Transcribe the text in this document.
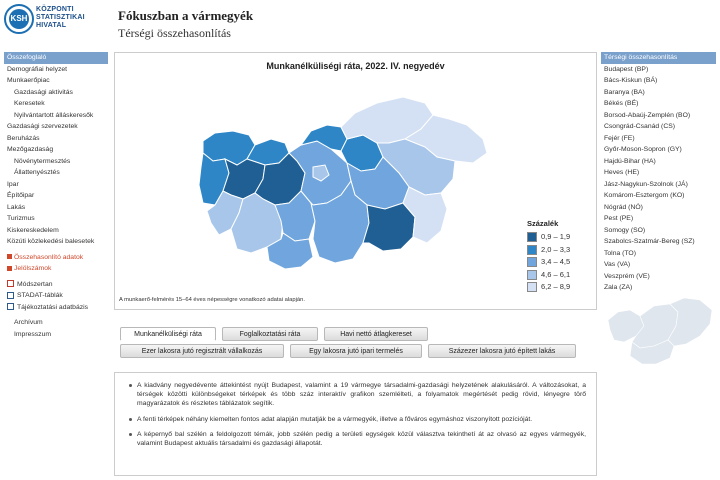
KSH
KÖZPONTI
STATISZTIKAI
HIVATAL
Fókuszban a vármegyék
Térségi összehasonlítás
Összefoglaló
Demográfiai helyzet
Munkaerőpiac
Gazdasági aktivitás
Keresetek
Nyilvántartott álláskeresők
Gazdasági szervezetek
Beruházás
Mezőgazdaság
Növénytermesztés
Állattenyésztés
Ipar
Építőipar
Lakás
Turizmus
Kiskereskedelem
Közúti közlekedési balesetek
Összehasonlító adatok
Jelölszámok
Módszertan
STADAT-táblák
Tájékoztatási adatbázis
Archívum
Impresszum
Munkanélküliségi ráta, 2022. IV. negyedév
Százalék
0,9 – 1,9
2,0 – 3,3
3,4 – 4,5
4,6 – 6,1
6,2 – 8,9
A munkaerő-felmérés 15–64 éves népességre vonatkozó adatai alapján.
Munkanélküliségi ráta	Foglalkoztatási ráta	Havi nettó átlagkereset
Ezer lakosra jutó regisztrált vállalkozás	Egy lakosra jutó ipari termelés	Százezer lakosra jutó épített lakás
A kiadvány negyedévente áttekintést nyújt Budapest, valamint a 19 vármegye társadalmi-gazdasági helyzetének alakulásáról. A változásokat, a térségek közötti különbségeket térképek és több száz interaktív grafikon szemlélteti, a folyamatok megértését pedig rövid, lényegre törő magyarázatok és részletes táblázatok segítik.
A fenti térképek néhány kiemelten fontos adat alapján mutatják be a vármegyék, illetve a főváros egymáshoz viszonyított pozícióját.
A képernyő bal szélén a feldolgozott témák, jobb szélén pedig a területi egységek közül választva tekinthetí át az olvasó az egyes vármegyék, valamint Budapest aktuális társadalmi és gazdasági állapotát.
Térségi összehasonlítás
Budapest (BP)
Bács-Kiskun (BÁ)
Baranya (BA)
Békés (BÉ)
Borsod-Abaúj-Zemplén (BO)
Csongrád-Csanád (CS)
Fejér (FE)
Győr-Moson-Sopron (GY)
Hajdú-Bihar (HA)
Heves (HE)
Jász-Nagykun-Szolnok (JÁ)
Komárom-Esztergom (KO)
Nógrád (NÓ)
Pest (PE)
Somogy (SO)
Szabolcs-Szatmár-Bereg (SZ)
Tolna (TO)
Vas (VA)
Veszprém (VE)
Zala (ZA)
